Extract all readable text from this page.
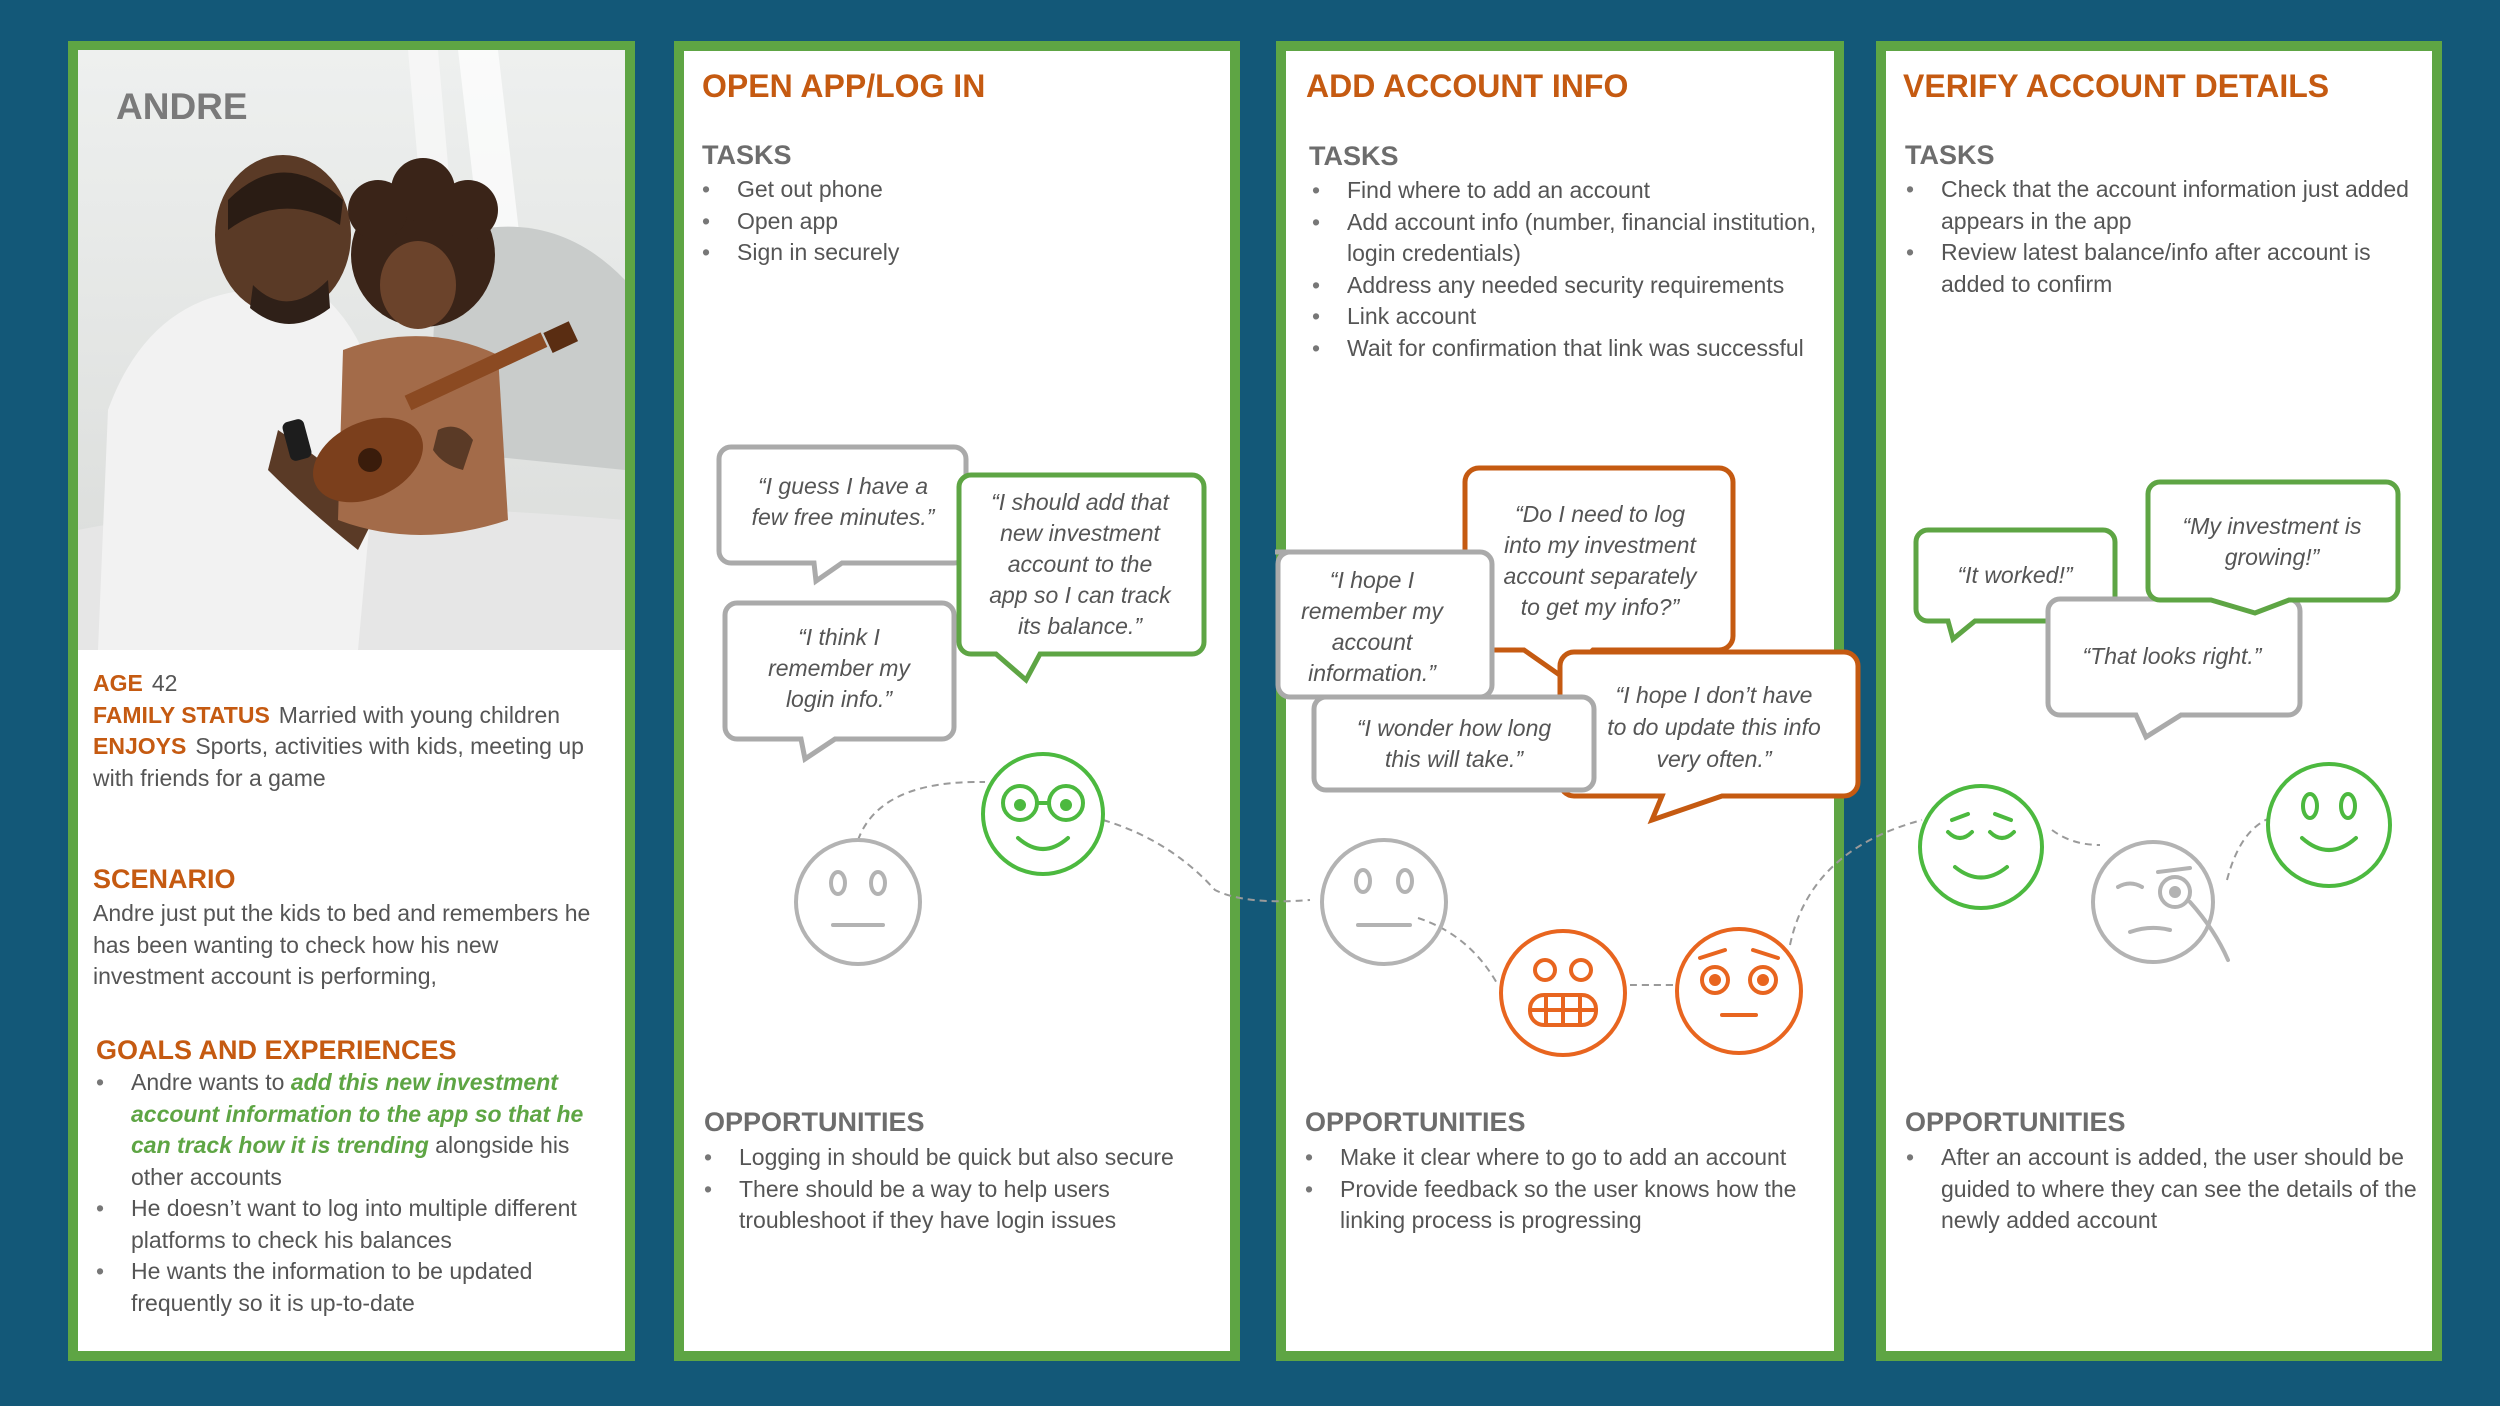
ANDRE
AGE 42
FAMILY STATUS Married with young children
ENJOYS Sports, activities with kids, meeting up with friends for a game
SCENARIO

Andre just put the kids to bed and remembers he has been wanting to check how his new investment account is performing,

GOALS AND EXPERIENCES
• Andre wants to add this new investment account information to the app so that he can track how it is trending alongside his other accounts
• He doesn’t want to log into multiple different platforms to check his balances
• He wants the information to be updated frequently so it is up-to-date
OPEN APP/LOG IN
TASKS
• Get out phone
• Open app
• Sign in securely
OPPORTUNITIES
• Logging in should be quick but also secure
• There should be a way to help users troubleshoot if they have login issues
ADD ACCOUNT INFO
TASKS
• Find where to add an account
• Add account info (number, financial institution, login credentials)
• Address any needed security requirements
• Link account
• Wait for confirmation that link was successful
OPPORTUNITIES
• Make it clear where to go to add an account
• Provide feedback so the user knows how the linking process is progressing
VERIFY ACCOUNT DETAILS
TASKS
• Check that the account information just added appears in the app
• Review latest balance/info after account is added to confirm
OPPORTUNITIES
• After an account is added, the user should be guided to where they can see the details of the newly added account
“I guess I have a few free minutes.”
“I think I remember my login info.”
“I should add that new investment account to the app so I can track its balance.”
“Do I need to log into my investment account separately to get my info?”
“I hope I remember my account information.”
“I hope I don’t have to do update this info very often.”
“I wonder how long this will take.”
“It worked!”
“That looks right.”
“My investment is growing!”
